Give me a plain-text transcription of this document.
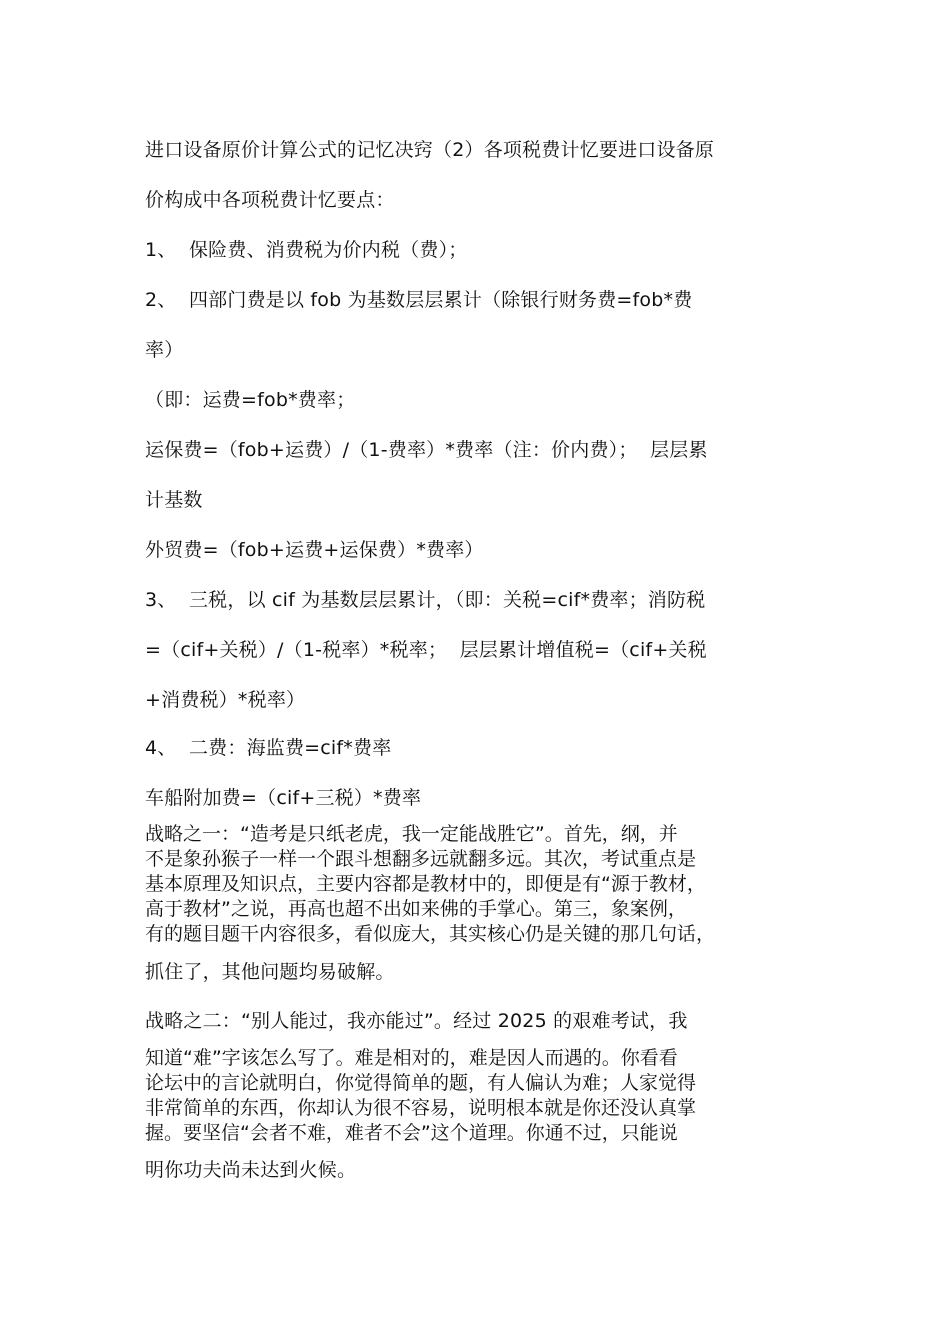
进口设备原价计算公式的记忆决窍（2）各项税费计忆要进口设备原
价构成中各项税费计忆要点：
1、  保险费、消费税为价内税（费）；
2、  四部门费是以 fob 为基数层层累计（除银行财务费=fob*费
率）
（即：运费=fob*费率；
运保费=（fob+运费）/（1-费率）*费率（注：价内费）；  层层累
计基数
外贸费=（fob+运费+运保费）*费率）
3、  三税，以 cif 为基数层层累计，（即：关税=cif*费率；消防税
=（cif+关税）/（1-税率）*税率；  层层累计增值税=（cif+关税
+消费税）*税率）
4、  二费：海监费=cif*费率
车船附加费=（cif+三税）*费率
战略之一：“造考是只纸老虎，我一定能战胜它”。首先，纲，并
不是象孙猴子一样一个跟斗想翻多远就翻多远。其次，考试重点是
基本原理及知识点，主要内容都是教材中的，即便是有“源于教材，
高于教材”之说，再高也超不出如来佛的手掌心。第三，象案例，
有的题目题干内容很多，看似庞大，其实核心仍是关键的那几句话，
抓住了，其他问题均易破解。
战略之二：“别人能过，我亦能过”。经过 2025 的艰难考试，我
知道“难”字该怎么写了。难是相对的，难是因人而遇的。你看看
论坛中的言论就明白，你觉得简单的题，有人偏认为难；人家觉得
非常简单的东西，你却认为很不容易，说明根本就是你还没认真掌
握。要坚信“会者不难，难者不会”这个道理。你通不过，只能说
明你功夫尚未达到火候。
